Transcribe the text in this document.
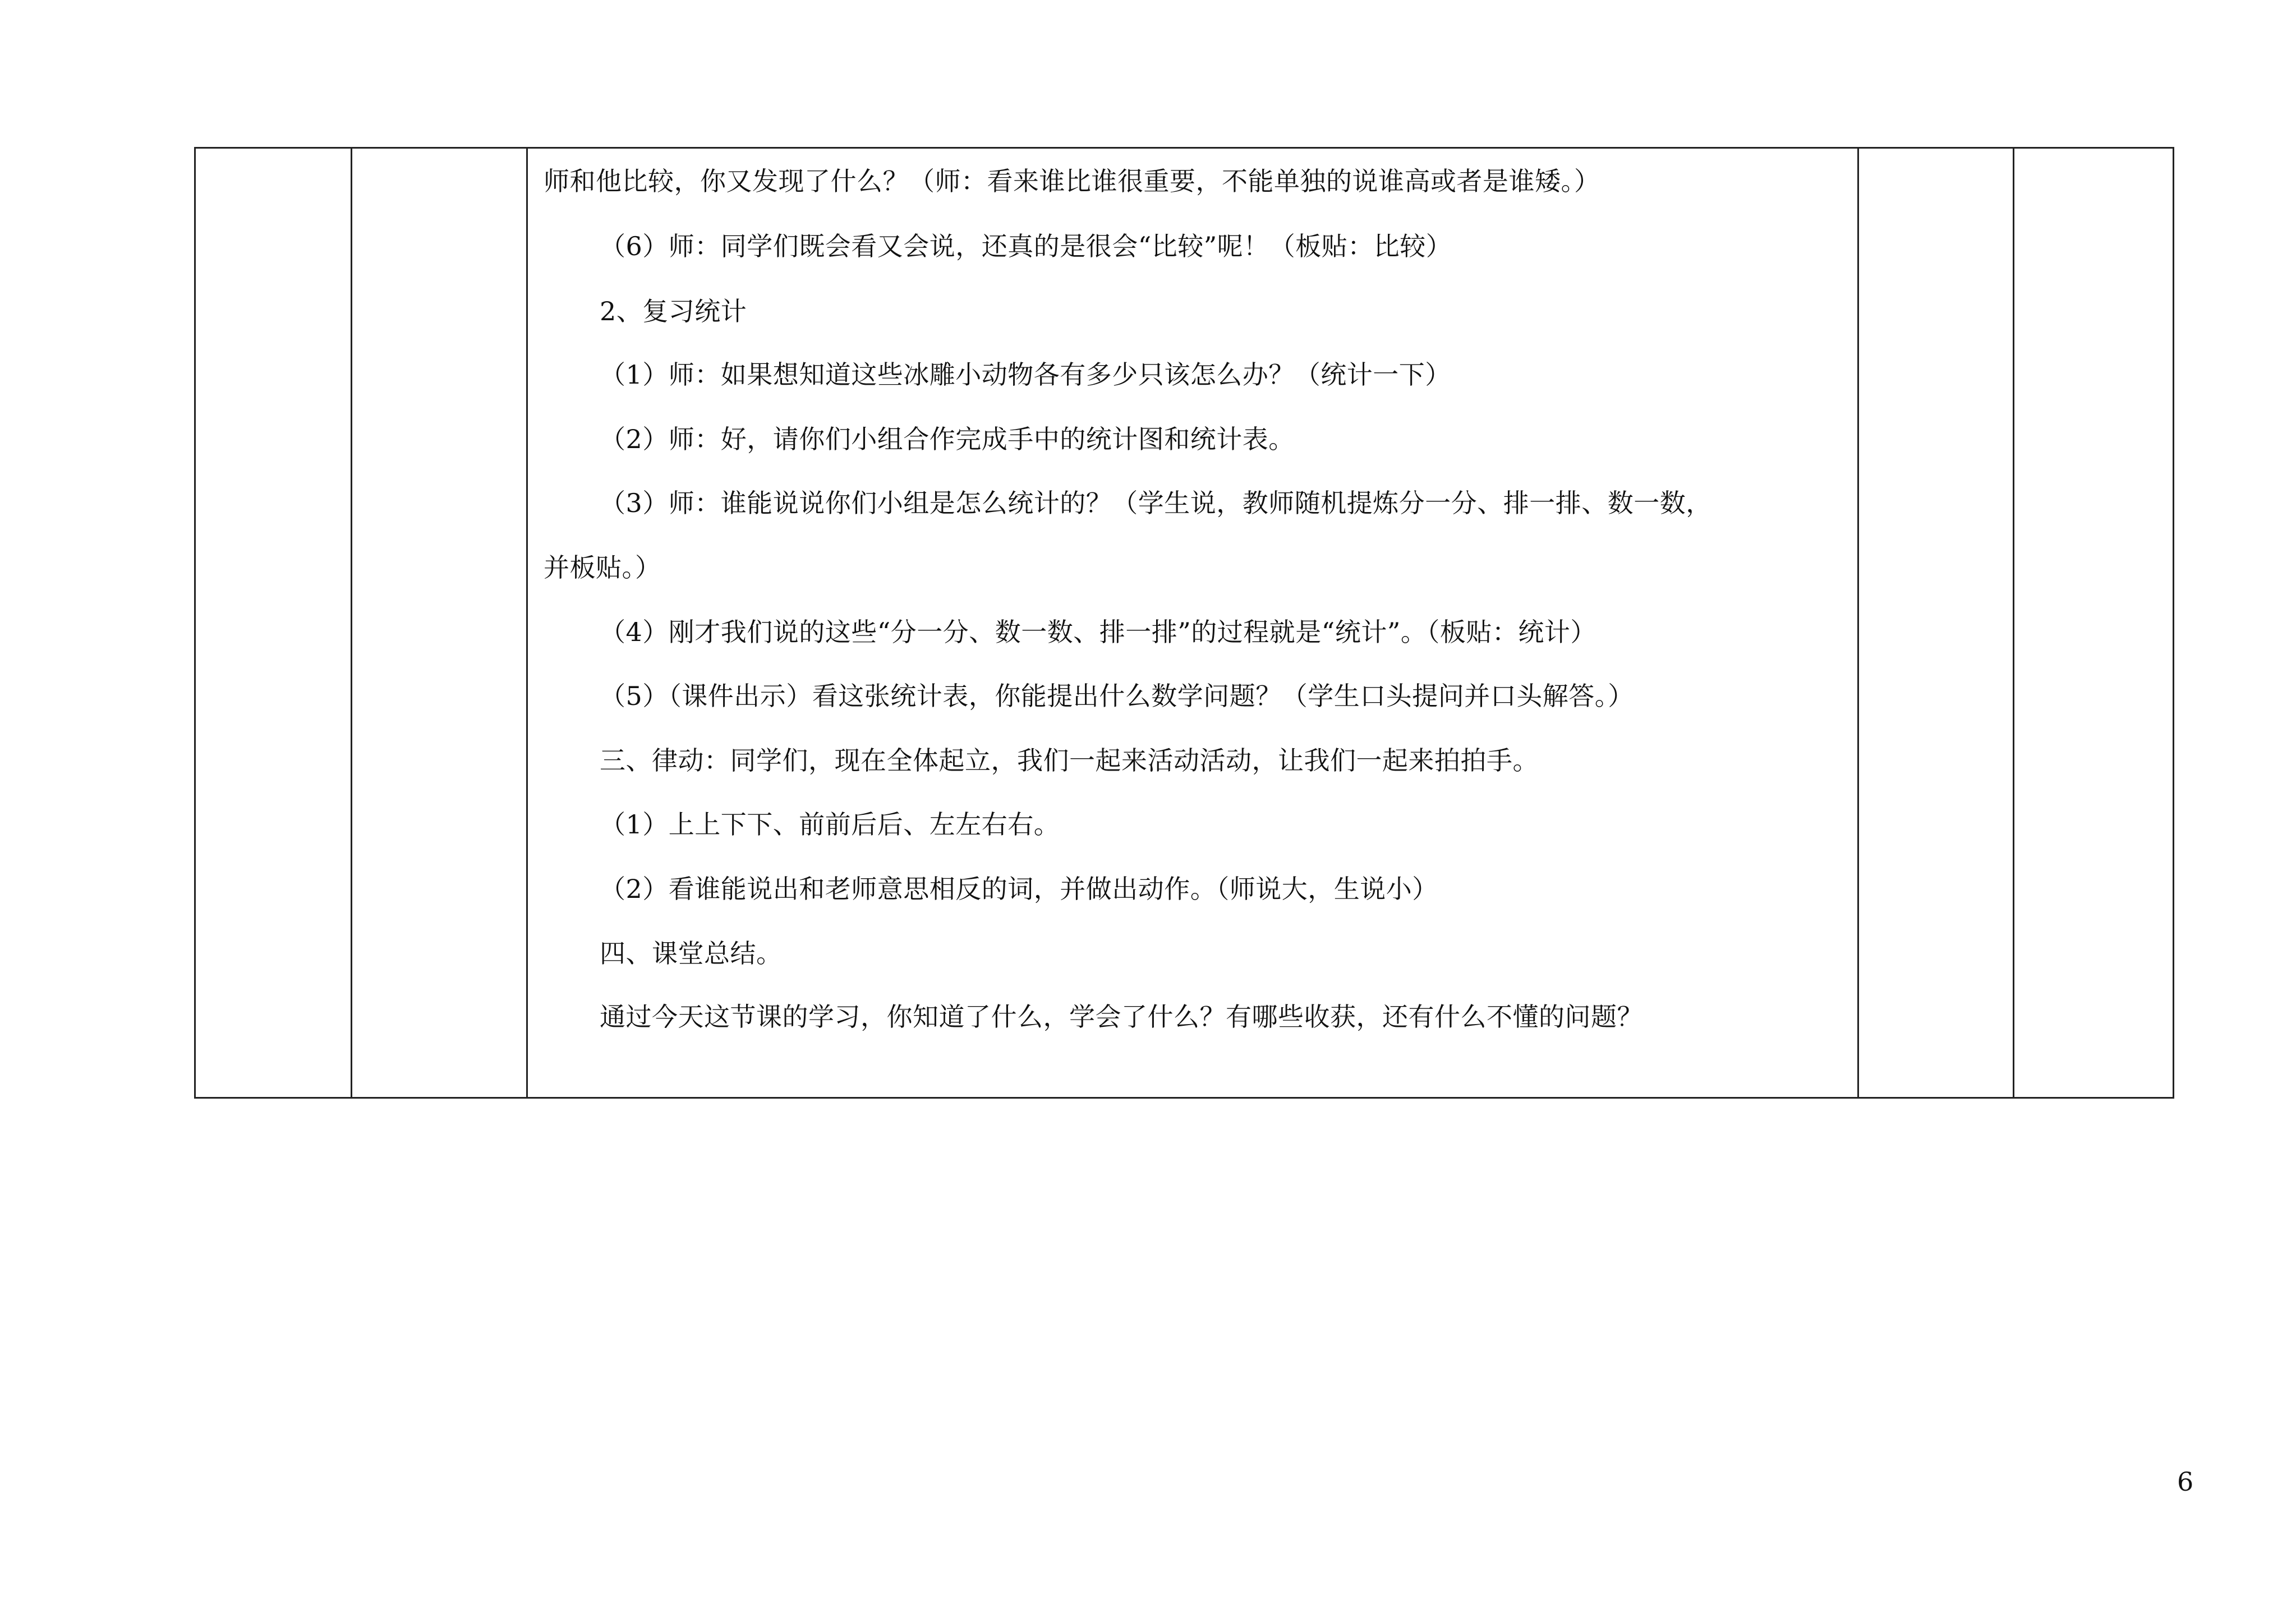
师和他比较，你又发现了什么？（师：看来谁比谁很重要，不能单独的说谁高或者是谁矮。）
（6）师：同学们既会看又会说，还真的是很会“比较”呢！（板贴：比较）
2、复习统计
（1）师：如果想知道这些冰雕小动物各有多少只该怎么办？（统计一下）
（2）师：好，请你们小组合作完成手中的统计图和统计表。
（3）师：谁能说说你们小组是怎么统计的？（学生说，教师随机提炼分一分、排一排、数一数，
并板贴。）
（4）刚才我们说的这些“分一分、数一数、排一排”的过程就是“统计”。（板贴：统计）
（5）（课件出示）看这张统计表，你能提出什么数学问题？（学生口头提问并口头解答。）
三、律动：同学们，现在全体起立，我们一起来活动活动，让我们一起来拍拍手。
（1）上上下下、前前后后、左左右右。
（2）看谁能说出和老师意思相反的词，并做出动作。（师说大，生说小）
四、课堂总结。
通过今天这节课的学习，你知道了什么，学会了什么？有哪些收获，还有什么不懂的问题？
6
